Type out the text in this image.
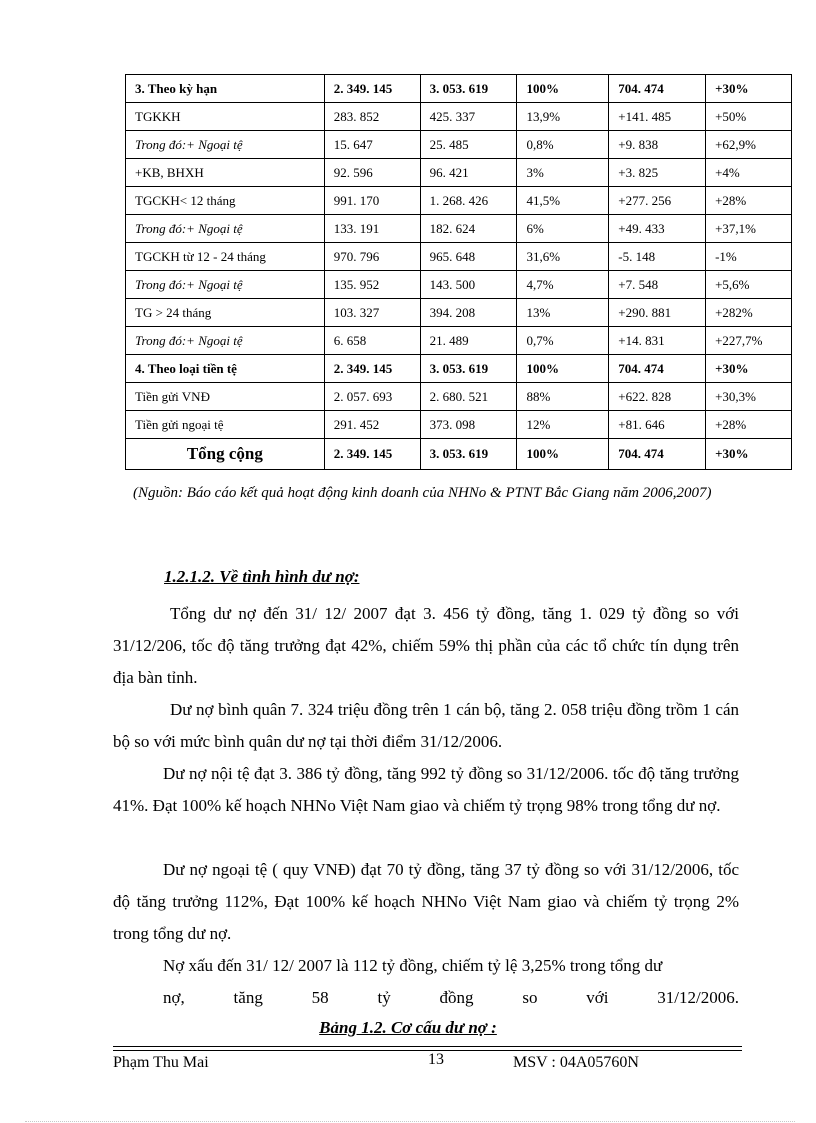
3. Theo kỳ hạn	2. 349. 145	3. 053. 619	100%	704. 474	+30%
TGKKH	283. 852	425. 337	13,9%	+141. 485	+50%
Trong đó:+ Ngoại tệ	15. 647	25. 485	0,8%	+9. 838	+62,9%
+KB, BHXH	92. 596	96. 421	3%	+3. 825	+4%
TGCKH< 12 tháng	991. 170	1. 268. 426	41,5%	+277. 256	+28%
Trong đó:+ Ngoại tệ	133. 191	182. 624	6%	+49. 433	+37,1%
TGCKH từ 12 - 24 tháng	970. 796	965. 648	31,6%	-5. 148	-1%
Trong đó:+ Ngoại tệ	135. 952	143. 500	4,7%	+7. 548	+5,6%
TG > 24 tháng	103. 327	394. 208	13%	+290. 881	+282%
Trong đó:+ Ngoại tệ	6. 658	21. 489	0,7%	+14. 831	+227,7%
4. Theo loại tiền tệ	2. 349. 145	3. 053. 619	100%	704. 474	+30%
Tiền gửi VNĐ	2. 057. 693	2. 680. 521	88%	+622. 828	+30,3%
Tiền gửi ngoại tệ	291. 452	373. 098	12%	+81. 646	+28%
Tổng cộng	2. 349. 145	3. 053. 619	100%	704. 474	+30%
(Nguồn: Báo cáo kết quả hoạt động kinh doanh của NHNo & PTNT Bắc Giang năm 2006,2007)
1.2.1.2. Về tình hình dư nợ:
Tổng dư nợ đến 31/ 12/ 2007 đạt 3. 456 tỷ đồng, tăng 1. 029 tỷ đồng so với 31/12/206, tốc độ tăng trưởng đạt 42%, chiếm 59% thị phần của các tổ chức tín dụng trên địa bàn tỉnh.
Dư nợ bình quân 7. 324 triệu đồng trên 1 cán bộ, tăng 2. 058 triệu đồng trồm 1 cán bộ so với mức bình quân dư nợ tại thời điểm 31/12/2006.
Dư nợ nội tệ đạt 3. 386 tỷ đồng, tăng 992 tỷ đồng so 31/12/2006. tốc độ tăng trưởng 41%. Đạt 100% kế hoạch NHNo Việt Nam giao và chiếm tỷ trọng 98% trong tổng dư nợ.
Dư nợ ngoại tệ ( quy VNĐ) đạt 70 tỷ đồng, tăng 37 tỷ đồng so với 31/12/2006, tốc độ tăng trưởng 112%, Đạt 100% kế hoạch NHNo Việt Nam giao và chiếm tỷ trọng 2% trong tổng dư nợ.
Nợ xấu đến 31/ 12/ 2007 là 112 tỷ đồng, chiếm tỷ lệ 3,25% trong tổng dư
nợ, tăng 58 tỷ đồng so với 31/12/2006.
Bảng 1.2. Cơ cấu dư nợ :
Phạm Thu Mai	13	MSV : 04A05760N
